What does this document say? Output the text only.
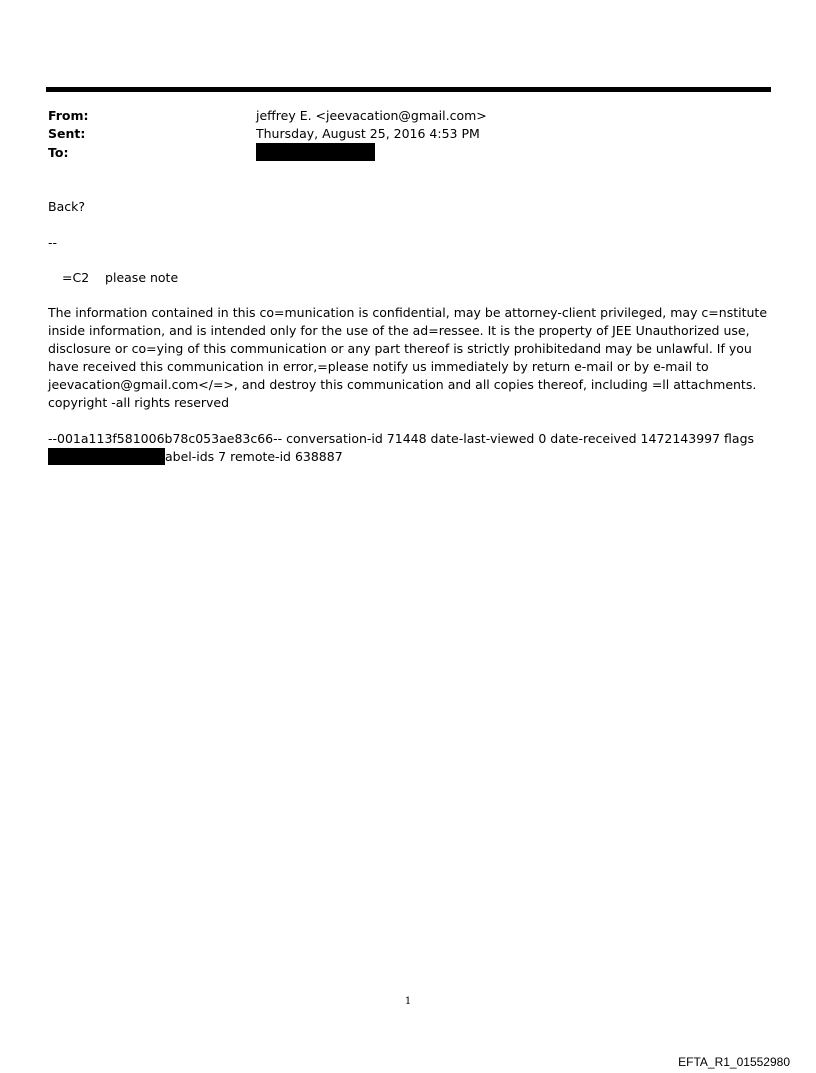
From:	jeffrey E. <jeevacation@gmail.com>
Sent:	Thursday, August 25, 2016 4:53 PM
To:
Back?
--
=C2    please note
The information contained in this co=munication is confidential, may be attorney-client privileged, may c=nstitute inside information, and is intended only for the use of the ad=ressee. It is the property of JEE Unauthorized use, disclosure or co=ying of this communication or any part thereof is strictly prohibitedand may be unlawful. If you have received this communication in error,=please notify us immediately by return e-mail or by e-mail to jeevacation@gmail.com</=>, and destroy this communication and all copies thereof, including =ll attachments. copyright -all rights reserved
--001a113f581006b78c053ae83c66-- conversation-id 71448 date-last-viewed 0 date-received 1472143997 flags
abel-ids 7 remote-id 638887
1
EFTA_R1_01552980
